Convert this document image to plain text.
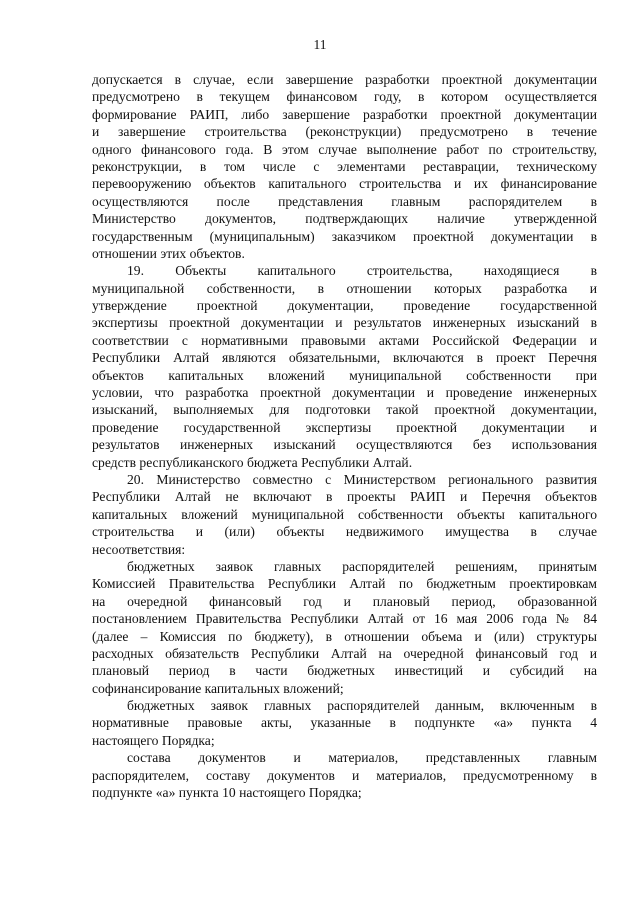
11
допускается в случае, если завершение разработки проектной документации
предусмотрено в текущем финансовом году, в котором осуществляется
формирование РАИП, либо завершение разработки проектной документации
и завершение строительства (реконструкции) предусмотрено в течение
одного финансового года. В этом случае выполнение работ по строительству,
реконструкции, в том числе с элементами реставрации, техническому
перевооружению объектов капитального строительства и их финансирование
осуществляются после представления главным распорядителем в
Министерство документов, подтверждающих наличие утвержденной
государственным (муниципальным) заказчиком проектной документации в
отношении этих объектов.
19. Объекты капитального строительства, находящиеся в
муниципальной собственности, в отношении которых разработка и
утверждение проектной документации, проведение государственной
экспертизы проектной документации и результатов инженерных изысканий в
соответствии с нормативными правовыми актами Российской Федерации и
Республики Алтай являются обязательными, включаются в проект Перечня
объектов капитальных вложений муниципальной собственности при
условии, что разработка проектной документации и проведение инженерных
изысканий, выполняемых для подготовки такой проектной документации,
проведение государственной экспертизы проектной документации и
результатов инженерных изысканий осуществляются без использования
средств республиканского бюджета Республики Алтай.
20. Министерство совместно с Министерством регионального развития
Республики Алтай не включают в проекты РАИП и Перечня объектов
капитальных вложений муниципальной собственности объекты капитального
строительства и (или) объекты недвижимого имущества в случае
несоответствия:
бюджетных заявок главных распорядителей решениям, принятым
Комиссией Правительства Республики Алтай по бюджетным проектировкам
на очередной финансовый год и плановый период, образованной
постановлением Правительства Республики Алтай от 16 мая 2006 года № 84
(далее – Комиссия по бюджету), в отношении объема и (или) структуры
расходных обязательств Республики Алтай на очередной финансовый год и
плановый период в части бюджетных инвестиций и субсидий на
софинансирование капитальных вложений;
бюджетных заявок главных распорядителей данным, включенным в
нормативные правовые акты, указанные в подпункте «а» пункта 4
настоящего Порядка;
состава документов и материалов, представленных главным
распорядителем, составу документов и материалов, предусмотренному в
подпункте «а» пункта 10 настоящего Порядка;
